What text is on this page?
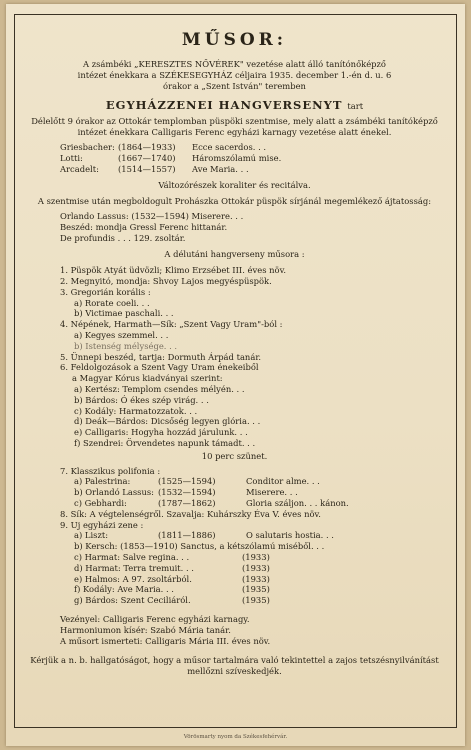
MŰSOR:
A zsámbéki „KERESZTES NŐVÉREK" vezetése alatt álló tanítónőképző
intézet énekkara a SZÉKESEGYHÁZ céljaira 1935. december 1.-én d. u. 6
órakor a „Szent István" teremben
EGYHÁZZENEI HANGVERSENYT tart
Délelőtt 9 órakor az Ottokár templomban püspöki szentmise, mely alatt a zsámbéki tanítóképző intézet énekkara Calligaris Ferenc egyházi karnagy vezetése alatt énekel.
Griesbacher: (1864—1933) Ecce sacerdos. . .
Lotti:	(1667—1740) Háromszólamú mise.
Arcadelt: (1514—1557) Ave Maria. . .
Változórészek koraliter és recitálva.
A szentmise után megboldogult Prohászka Ottokár püspök sírjánál megemlékező ájtatosság:
Orlando Lassus: (1532—1594) Miserere. . .
Beszéd: mondja Gressl Ferenc hittanár.
De profundis . . . 129. zsoltár.
A délutáni hangverseny műsora :
1. Püspök Atyát üdvözli; Klimo Erzsébet III. éves növ.
2. Megnyitó, mondja: Shvoy Lajos megyéspüspök.
3. Gregorián korális :
a) Rorate coeli. . .
b) Victimae paschali. . .
4. Népének, Harmath—Sík: „Szent Vagy Uram"-ból :
a) Kegyes szemmel. . .
b) Istenség mélysége. . .
5. Ünnepi beszéd, tartja: Dormuth Árpád tanár.
6. Feldolgozások a Szent Vagy Uram énekeiből
a Magyar Kórus kiadványai szerint:
a) Kertész: Templom csendes mélyén. . .
b) Bárdos: Ó ékes szép virág. . .
c) Kodály: Harmatozzatok. . .
d) Deák—Bárdos: Dicsőség legyen glória. . .
e) Calligaris: Hogyha hozzád járulunk. . .
f) Szendrei: Örvendetes napunk támadt. . .
10 perc szünet.
7. Klasszikus polifonia :
a) Palestrina:	(1525—1594)	Conditor alme. . .
b) Orlandó Lassus: (1532—1594)	Miserere. . .
c) Gebhardi:	(1787—1862)	Gloria száljon. . . kánon.
8. Sík: A végtelenségről. Szavalja: Kuhárszky Éva V. éves növ.
9. Uj egyházi zene :
a) Liszt:	(1811—1886)	O salutaris hostia. . .
b) Kersch: (1853—1910) Sanctus, a kétszólamú miséből. . .
c) Harmat: Salve regina. . .	(1933)
d) Harmat: Terra tremuit. . .	(1933)
e) Halmos: A 97. zsoltárból.	(1933)
f) Kodály: Ave Maria. . .	(1935)
g) Bárdos: Szent Ceciliáról.	(1935)
Vezényel: Calligaris Ferenc egyházi karnagy.
Harmoniumon kísér: Szabó Mária tanár.
A műsort ismerteti: Calligaris Mária III. éves növ.
Kérjük a n. b. hallgatóságot, hogy a műsor tartalmára való tekintettel a zajos tetszésnyilvánítást mellőzni szíveskedjék.
Vörösmarty nyom da Székesfehérvár.
